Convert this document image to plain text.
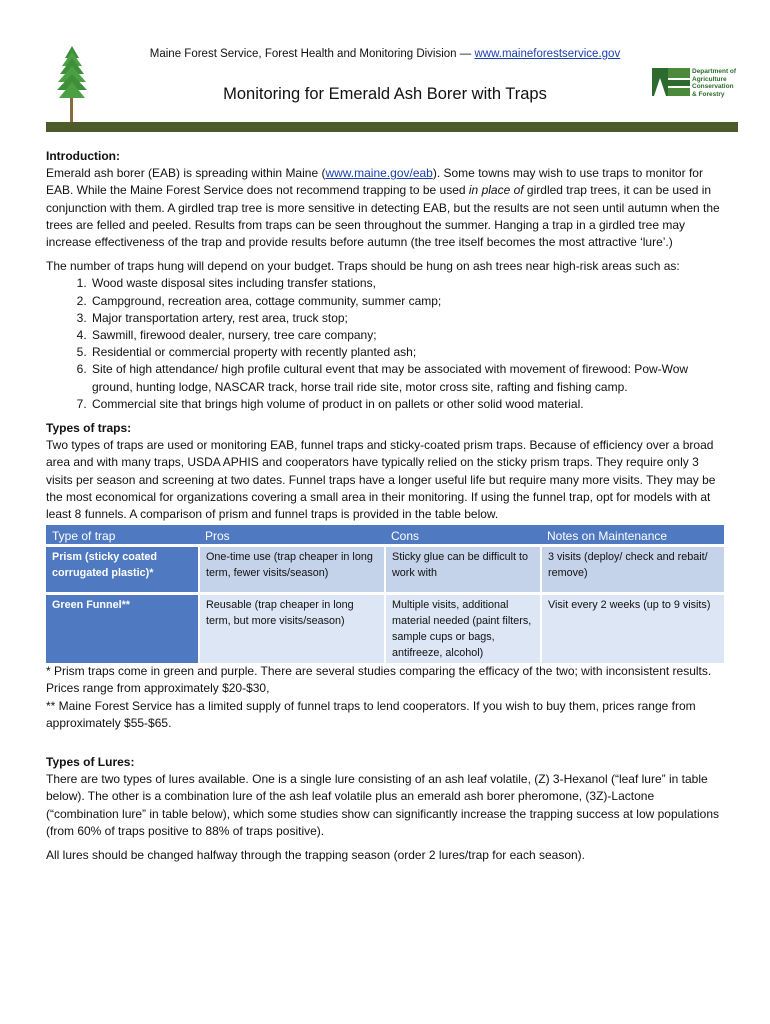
Maine Forest Service, Forest Health and Monitoring Division — www.maineforestservice.gov
Department of
Agriculture
Conservation
& Forestry
Monitoring for Emerald Ash Borer with Traps

Introduction:

Emerald ash borer (EAB) is spreading within Maine (www.maine.gov/eab). Some towns may wish to use traps to monitor for EAB. While the Maine Forest Service does not recommend trapping to be used in place of girdled trap trees, it can be used in conjunction with them. A girdled trap tree is more sensitive in detecting EAB, but the results are not seen until autumn when the trees are felled and peeled. Results from traps can be seen throughout the summer. Hanging a trap in a girdled tree may increase effectiveness of the trap and provide results before autumn (the tree itself becomes the most attractive ‘lure’.)

The number of traps hung will depend on your budget. Traps should be hung on ash trees near high-risk areas such as:

1. Wood waste disposal sites including transfer stations,
2. Campground, recreation area, cottage community, summer camp;
3. Major transportation artery, rest area, truck stop;
4. Sawmill, firewood dealer, nursery, tree care company;
5. Residential or commercial property with recently planted ash;
6. Site of high attendance/ high profile cultural event that may be associated with movement of firewood: Pow-Wow ground, hunting lodge, NASCAR track, horse trail ride site, motor cross site, rafting and fishing camp.
7. Commercial site that brings high volume of product in on pallets or other solid wood material.

Types of traps:

Two types of traps are used or monitoring EAB, funnel traps and sticky-coated prism traps. Because of efficiency over a broad area and with many traps, USDA APHIS and cooperators have typically relied on the sticky prism traps. They require only 3 visits per season and screening at two dates. Funnel traps have a longer useful life but require many more visits. They may be the most economical for organizations covering a small area in their monitoring. If using the funnel trap, opt for models with at least 8 funnels. A comparison of prism and funnel traps is provided in the table below.

Type of trap	Pros	Cons	Notes on Maintenance
Prism (sticky coated corrugated plastic)*	One-time use (trap cheaper in long term, fewer visits/season)	Sticky glue can be difficult to work with	3 visits (deploy/ check and rebait/ remove)
Green Funnel**	Reusable (trap cheaper in long term, but more visits/season)	Multiple visits, additional material needed (paint filters, sample cups or bags, antifreeze, alcohol)	Visit every 2 weeks (up to 9 visits)

* Prism traps come in green and purple. There are several studies comparing the efficacy of the two; with inconsistent results. Prices range from approximately $20-$30,

** Maine Forest Service has a limited supply of funnel traps to lend cooperators. If you wish to buy them, prices range from approximately $55-$65.

Types of Lures:

There are two types of lures available. One is a single lure consisting of an ash leaf volatile, (Z) 3-Hexanol (“leaf lure” in table below). The other is a combination lure of the ash leaf volatile plus an emerald ash borer pheromone, (3Z)-Lactone (“combination lure” in table below), which some studies show can significantly increase the trapping success at low populations (from 60% of traps positive to 88% of traps positive).

All lures should be changed halfway through the trapping season (order 2 lures/trap for each season).
